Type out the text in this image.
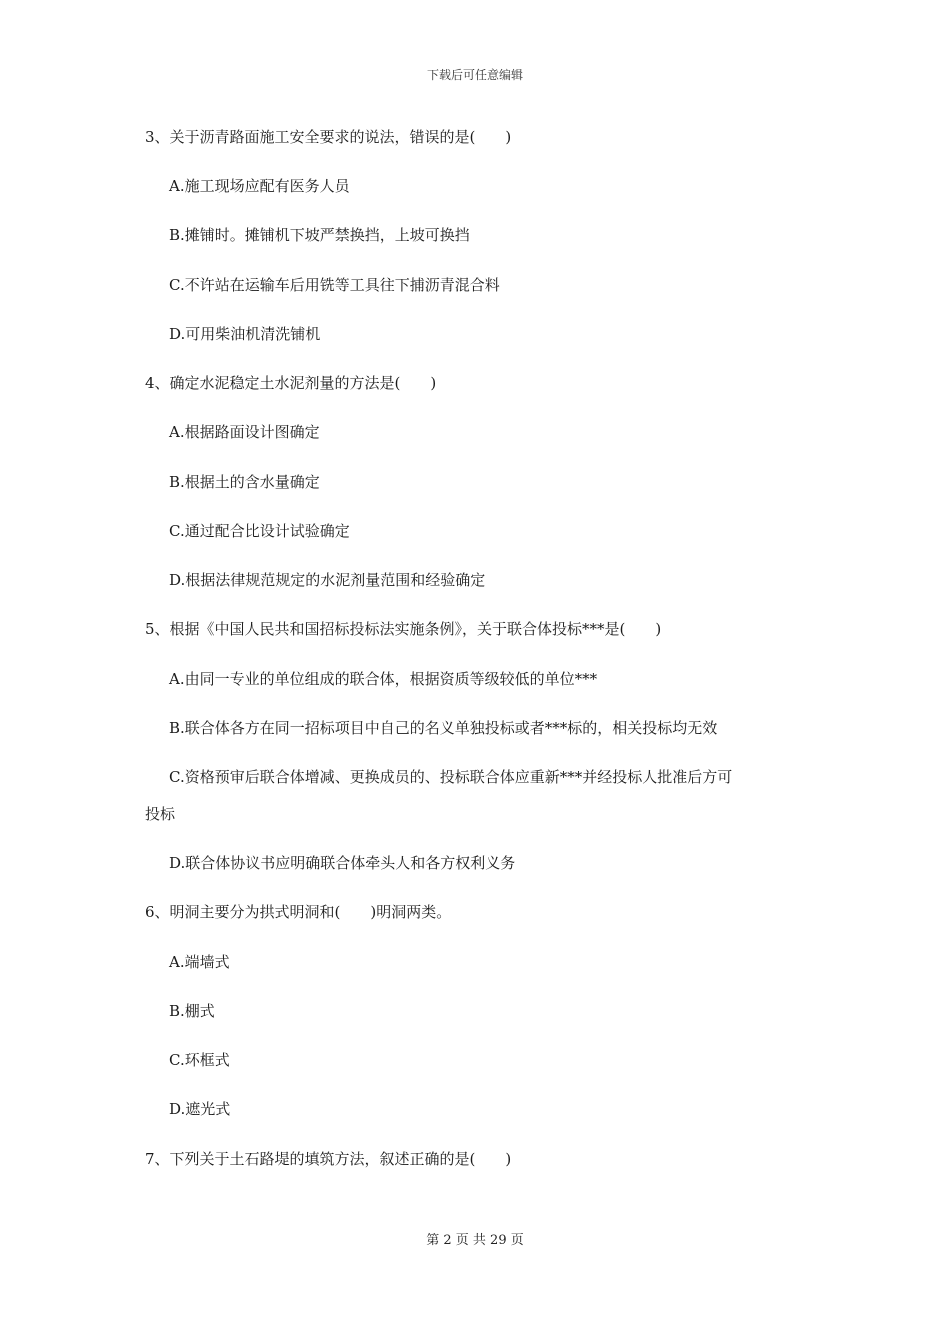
下载后可任意编辑
3、关于沥青路面施工安全要求的说法，错误的是(　　)
A.施工现场应配有医务人员
B.摊铺时。摊铺机下坡严禁换挡，上坡可换挡
C.不许站在运输车后用铣等工具往下捕沥青混合料
D.可用柴油机清洗铺机
4、确定水泥稳定土水泥剂量的方法是(　　)
A.根据路面设计图确定
B.根据土的含水量确定
C.通过配合比设计试验确定
D.根据法律规范规定的水泥剂量范围和经验确定
5、根据《中国人民共和国招标投标法实施条例》，关于联合体投标***是(　　)
A.由同一专业的单位组成的联合体，根据资质等级较低的单位***
B.联合体各方在同一招标项目中自己的名义单独投标或者***标的，相关投标均无效
C.资格预审后联合体增减、更换成员的、投标联合体应重新***并经投标人批准后方可
投标
D.联合体协议书应明确联合体牵头人和各方权利义务
6、明洞主要分为拱式明洞和(　　)明洞两类。
A.端墙式
B.棚式
C.环框式
D.遮光式
7、下列关于土石路堤的填筑方法，叙述正确的是(　　)
第 2 页 共 29 页
